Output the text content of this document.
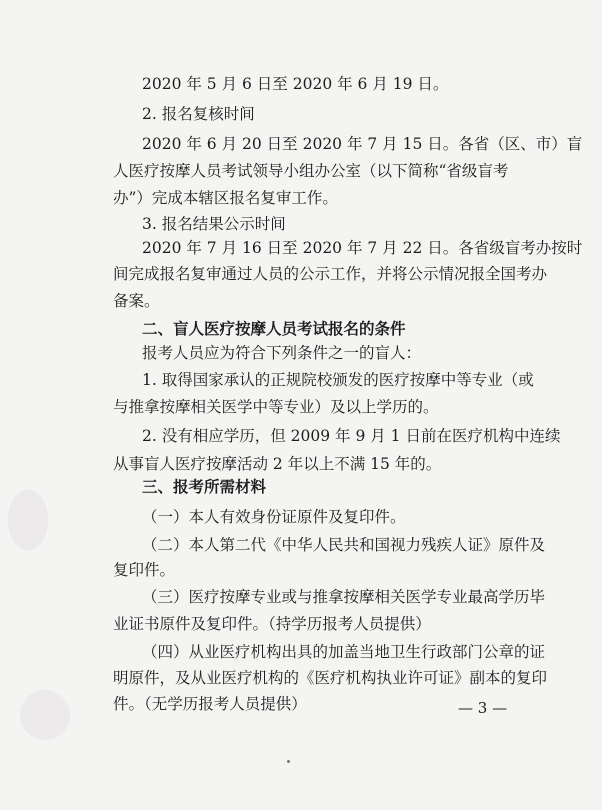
2020 年 5 月 6 日至 2020 年 6 月 19 日。
2. 报名复核时间
2020 年 6 月 20 日至 2020 年 7 月 15 日。各省（区、市）盲
人医疗按摩人员考试领导小组办公室（以下简称“省级盲考
办”）完成本辖区报名复审工作。
3. 报名结果公示时间
2020 年 7 月 16 日至 2020 年 7 月 22 日。各省级盲考办按时
间完成报名复审通过人员的公示工作，并将公示情况报全国考办
备案。
二、盲人医疗按摩人员考试报名的条件
报考人员应为符合下列条件之一的盲人：
1. 取得国家承认的正规院校颁发的医疗按摩中等专业（或
与推拿按摩相关医学中等专业）及以上学历的。
2. 没有相应学历，但 2009 年 9 月 1 日前在医疗机构中连续
从事盲人医疗按摩活动 2 年以上不满 15 年的。
三、报考所需材料
（一）本人有效身份证原件及复印件。
（二）本人第二代《中华人民共和国视力残疾人证》原件及
复印件。
（三）医疗按摩专业或与推拿按摩相关医学专业最高学历毕
业证书原件及复印件。（持学历报考人员提供）
（四）从业医疗机构出具的加盖当地卫生行政部门公章的证
明原件，及从业医疗机构的《医疗机构执业许可证》副本的复印
件。（无学历报考人员提供）	— 3 —
